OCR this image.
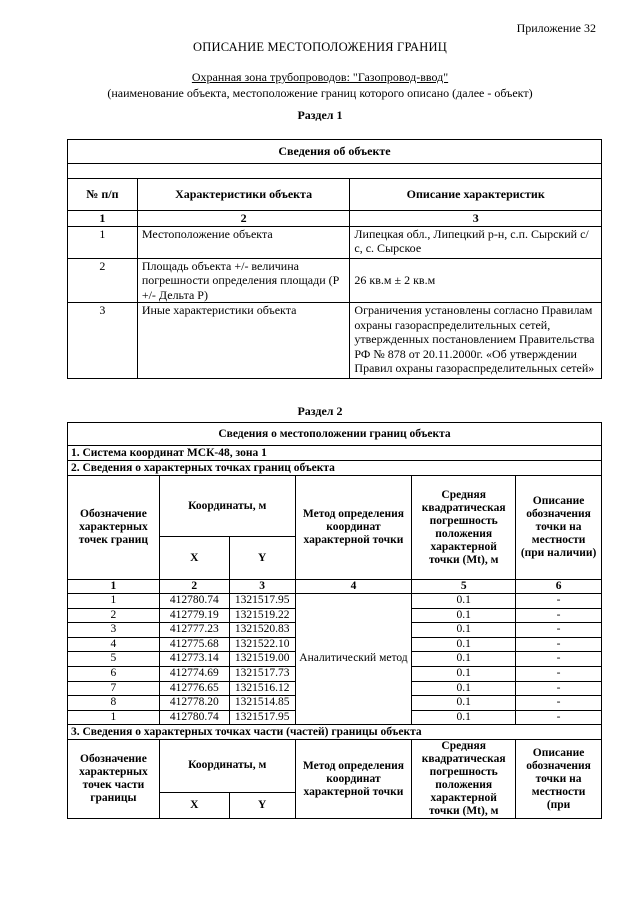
Приложение 32
ОПИСАНИЕ МЕСТОПОЛОЖЕНИЯ ГРАНИЦ
Охранная зона трубопроводов: "Газопровод-ввод"
(наименование объекта, местоположение границ которого описано (далее - объект)
Раздел 1
Сведения об объекте		

№ п/п	Характеристики объекта	Описание характеристик
1	2	3
1	Местоположение объекта	Липецкая обл., Липецкий р-н, с.п. Сырский с/с, с. Сырское
2	Площадь объекта +/- величина погрешности определения площади (Р +/- Дельта Р)	26 кв.м ± 2 кв.м
3	Иные характеристики объекта	Ограничения установлены согласно Правилам охраны газораспределительных сетей, утвержденных постановлением Правительства РФ № 878 от 20.11.2000г. «Об утверждении Правил охраны газораспределительных сетей»
Раздел 2
Сведения о местоположении границ объекта					
1. Система координат МСК-48, зона 1					
2. Сведения о характерных точках границ объекта					
Обозначение характерных точек границ	Координаты, м		Метод определения координат характерной точки	Средняя квадратическая погрешность положения характерной точки (Mt), м	Описание обозначения точки на местности (при наличии)
	X	Y			
1	2	3	4	5	6
1	412780.74	1321517.95	Аналитический метод	0.1	-
2	412779.19	1321519.22		0.1	-
3	412777.23	1321520.83		0.1	-
4	412775.68	1321522.10		0.1	-
5	412773.14	1321519.00		0.1	-
6	412774.69	1321517.73		0.1	-
7	412776.65	1321516.12		0.1	-
8	412778.20	1321514.85		0.1	-
1	412780.74	1321517.95		0.1	-
3. Сведения о характерных точках части (частей) границы объекта					
Обозначение характерных точек части границы	Координаты, м		Метод определения координат характерной точки	Средняя квадратическая погрешность положения характерной точки (Mt), м	Описание обозначения точки на местности (при
	X	Y			
